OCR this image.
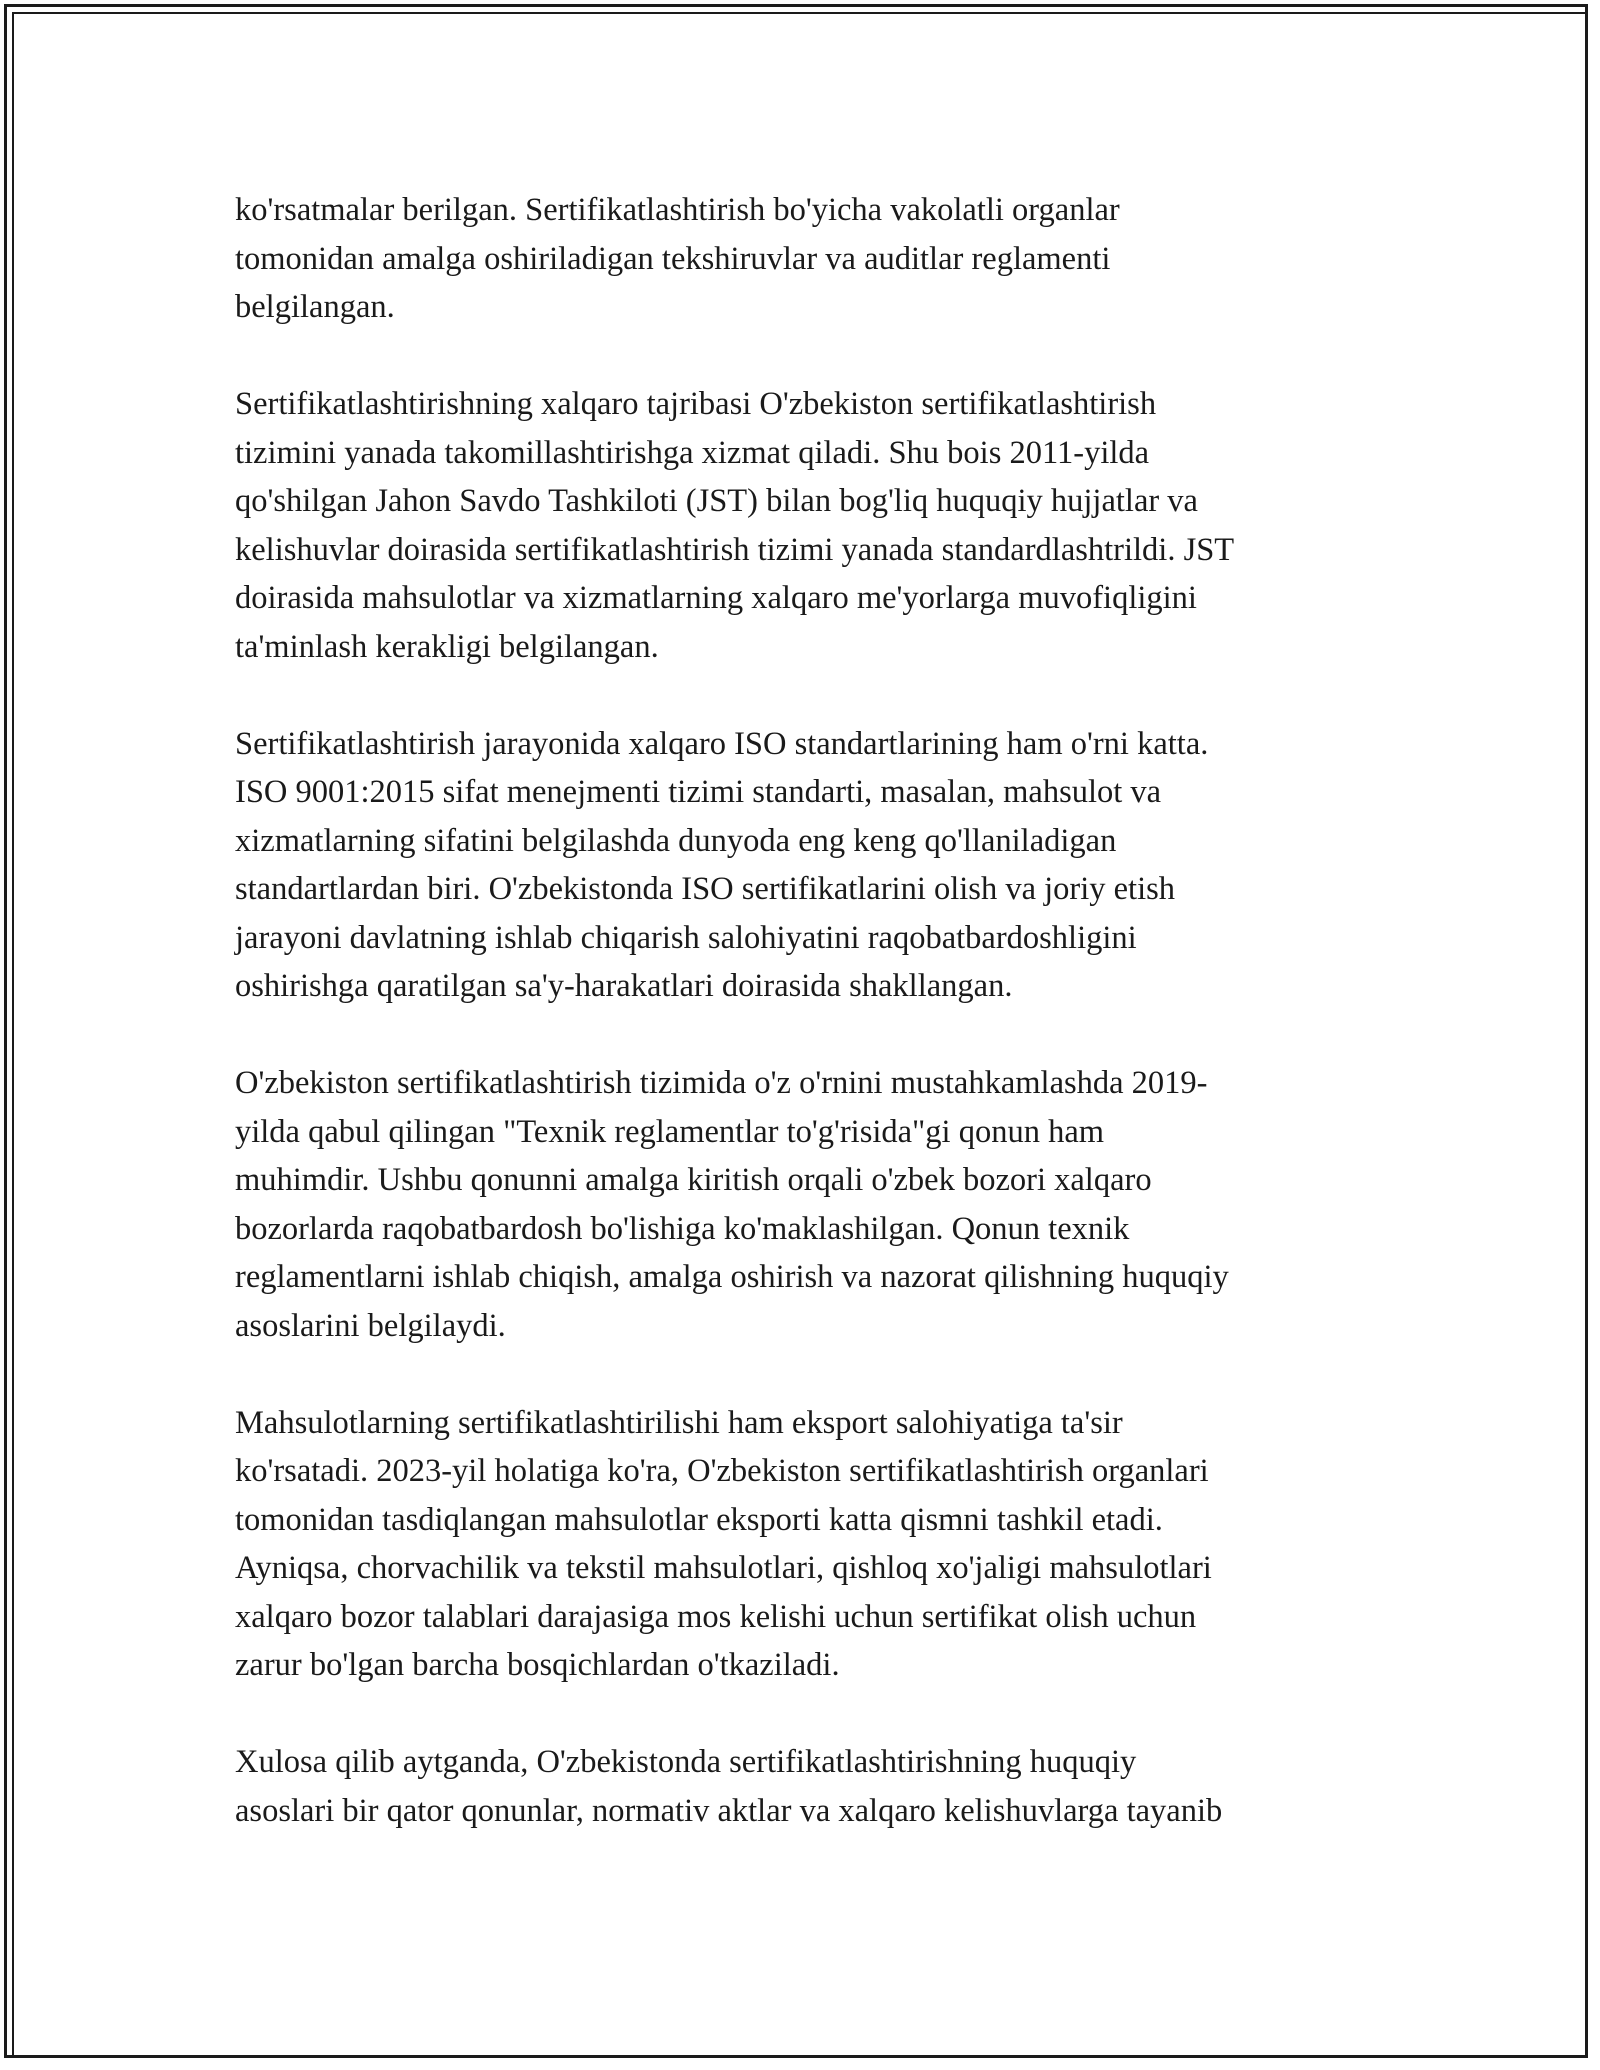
ko'rsatmalar berilgan. Sertifikatlashtirish bo'yicha vakolatli organlar
tomonidan amalga oshiriladigan tekshiruvlar va auditlar reglamenti
belgilangan.

Sertifikatlashtirishning xalqaro tajribasi O'zbekiston sertifikatlashtirish
tizimini yanada takomillashtirishga xizmat qiladi. Shu bois 2011-yilda
qo'shilgan Jahon Savdo Tashkiloti (JST) bilan bog'liq huquqiy hujjatlar va
kelishuvlar doirasida sertifikatlashtirish tizimi yanada standardlashtrildi. JST
doirasida mahsulotlar va xizmatlarning xalqaro me'yorlarga muvofiqligini
ta'minlash kerakligi belgilangan.

Sertifikatlashtirish jarayonida xalqaro ISO standartlarining ham o'rni katta.
ISO 9001:2015 sifat menejmenti tizimi standarti, masalan, mahsulot va
xizmatlarning sifatini belgilashda dunyoda eng keng qo'llaniladigan
standartlardan biri. O'zbekistonda ISO sertifikatlarini olish va joriy etish
jarayoni davlatning ishlab chiqarish salohiyatini raqobatbardoshligini
oshirishga qaratilgan sa'y-harakatlari doirasida shakllangan.

O'zbekiston sertifikatlashtirish tizimida o'z o'rnini mustahkamlashda 2019-
yilda qabul qilingan "Texnik reglamentlar to'g'risida"gi qonun ham
muhimdir. Ushbu qonunni amalga kiritish orqali o'zbek bozori xalqaro
bozorlarda raqobatbardosh bo'lishiga ko'maklashilgan. Qonun texnik
reglamentlarni ishlab chiqish, amalga oshirish va nazorat qilishning huquqiy
asoslarini belgilaydi.

Mahsulotlarning sertifikatlashtirilishi ham eksport salohiyatiga ta'sir
ko'rsatadi. 2023-yil holatiga ko'ra, O'zbekiston sertifikatlashtirish organlari
tomonidan tasdiqlangan mahsulotlar eksporti katta qismni tashkil etadi.
Ayniqsa, chorvachilik va tekstil mahsulotlari, qishloq xo'jaligi mahsulotlari
xalqaro bozor talablari darajasiga mos kelishi uchun sertifikat olish uchun
zarur bo'lgan barcha bosqichlardan o'tkaziladi.

Xulosa qilib aytganda, O'zbekistonda sertifikatlashtirishning huquqiy
asoslari bir qator qonunlar, normativ aktlar va xalqaro kelishuvlarga tayanib
